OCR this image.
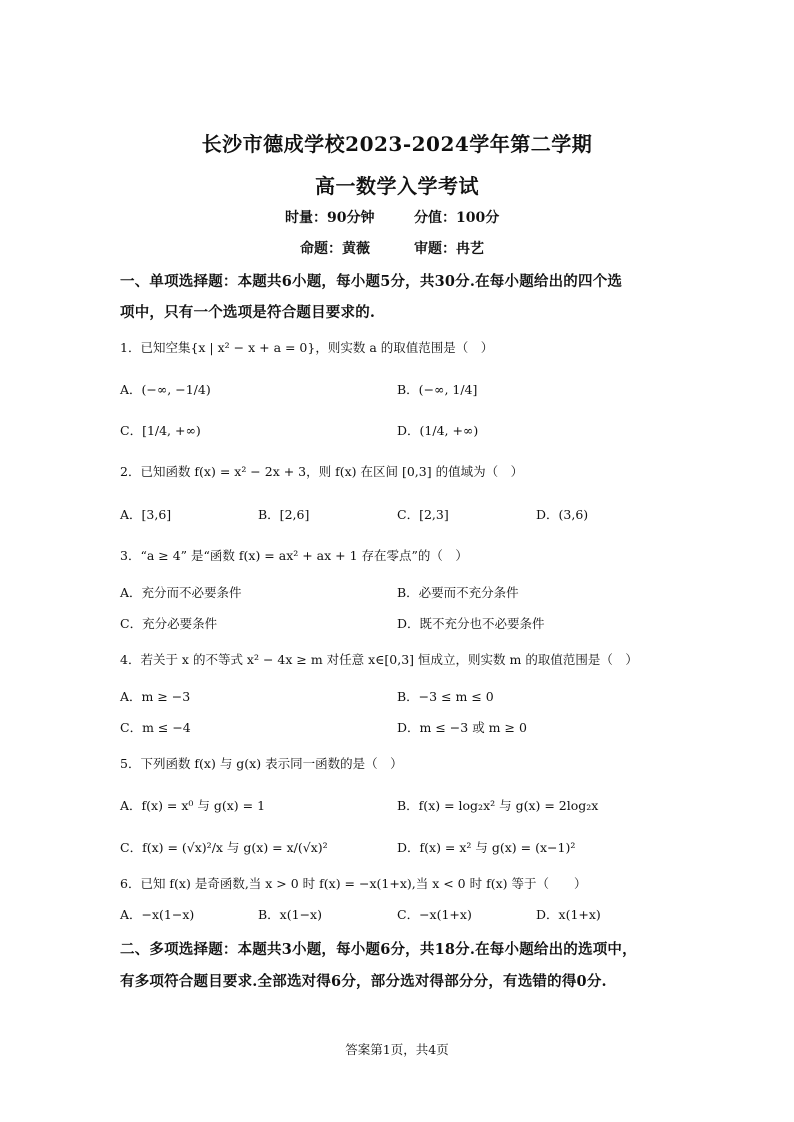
长沙市德成学校2023-2024学年第二学期
高一数学入学考试
时量：90分钟	分值：100分
命题：黄薇	审题：冉艺
一、单项选择题：本题共6小题，每小题5分，共30分.在每小题给出的四个选
项中，只有一个选项是符合题目要求的.
1．已知空集{x | x² − x + a = 0}，则实数 a 的取值范围是（　）
A．(−∞, −1/4)	B．(−∞, 1/4]
C．[1/4, +∞)	D．(1/4, +∞)
2．已知函数 f(x) = x² − 2x + 3，则 f(x) 在区间 [0,3] 的值域为（　）
A．[3,6]	B．[2,6]	C．[2,3]	D．(3,6)
3．“a ≥ 4” 是“函数 f(x) = ax² + ax + 1 存在零点”的（　）
A．充分而不必要条件	B．必要而不充分条件
C．充分必要条件	D．既不充分也不必要条件
4．若关于 x 的不等式 x² − 4x ≥ m 对任意 x∈[0,3] 恒成立，则实数 m 的取值范围是（　）
A．m ≥ −3	B．−3 ≤ m ≤ 0
C．m ≤ −4	D．m ≤ −3 或 m ≥ 0
5．下列函数 f(x) 与 g(x) 表示同一函数的是（　）
A．f(x) = x⁰ 与 g(x) = 1	B．f(x) = log₂x² 与 g(x) = 2log₂x
C．f(x) = (√x)²/x 与 g(x) = x/(√x)²	D．f(x) = x² 与 g(x) = (x−1)²
6．已知 f(x) 是奇函数,当 x > 0 时 f(x) = −x(1+x),当 x < 0 时 f(x) 等于（　　）
A．−x(1−x)	B．x(1−x)	C．−x(1+x)	D．x(1+x)
二、多项选择题：本题共3小题，每小题6分，共18分.在每小题给出的选项中，
有多项符合题目要求.全部选对得6分，部分选对得部分分，有选错的得0分.
答案第1页，共4页
